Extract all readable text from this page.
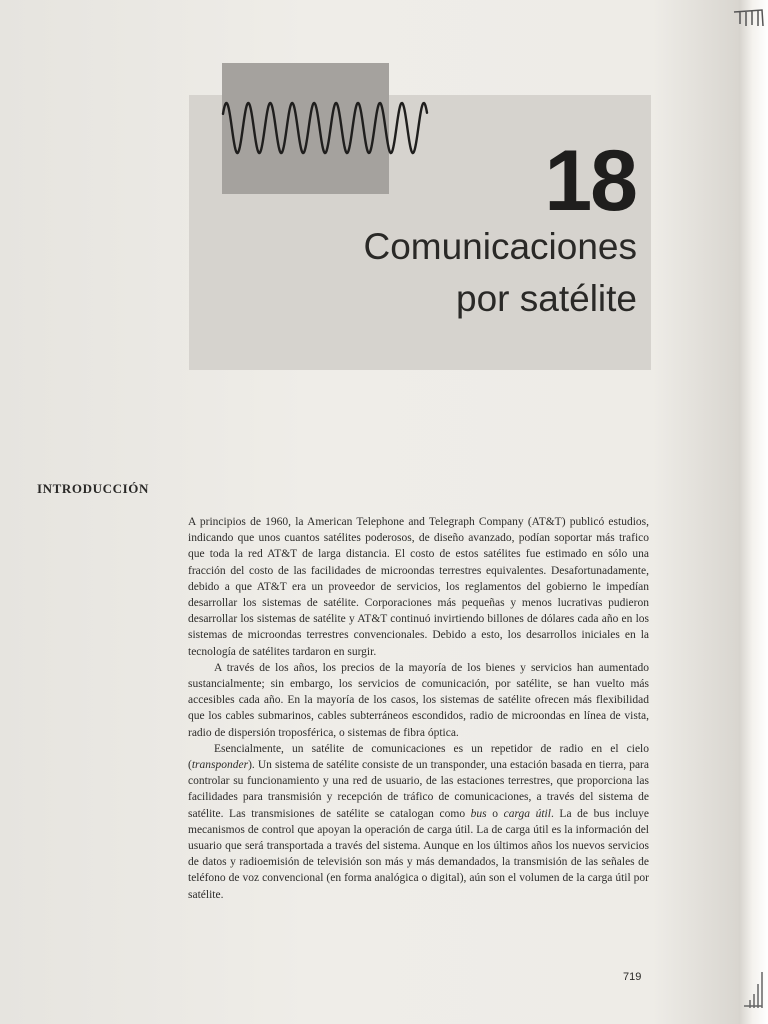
18
Comunicaciones
por satélite
INTRODUCCIÓN

A principios de 1960, la American Telephone and Telegraph Company (AT&T) publicó estudios, indicando que unos cuantos satélites poderosos, de diseño avanzado, podían soportar más trafico que toda la red AT&T de larga distancia. El costo de estos satélites fue estimado en sólo una fracción del costo de las facilidades de microondas terrestres equivalentes. Desafortunadamente, debido a que AT&T era un proveedor de servicios, los reglamentos del gobierno le impedían desarrollar los sistemas de satélite. Corporaciones más pequeñas y menos lucrativas pudieron desarrollar los sistemas de satélite y AT&T continuó invirtiendo billones de dólares cada año en los sistemas de microondas terrestres convencionales. Debido a esto, los desarrollos iniciales en la tecnología de satélites tardaron en surgir.

A través de los años, los precios de la mayoría de los bienes y servicios han aumentado sustancialmente; sin embargo, los servicios de comunicación, por satélite, se han vuelto más accesibles cada año. En la mayoría de los casos, los sistemas de satélite ofrecen más flexibilidad que los cables submarinos, cables subterráneos escondidos, radio de microondas en línea de vista, radio de dispersión troposférica, o sistemas de fibra óptica.

Esencialmente, un satélite de comunicaciones es un repetidor de radio en el cielo (transponder). Un sistema de satélite consiste de un transponder, una estación basada en tierra, para controlar su funcionamiento y una red de usuario, de las estaciones terrestres, que proporciona las facilidades para transmisión y recepción de tráfico de comunicaciones, a través del sistema de satélite. Las transmisiones de satélite se catalogan como bus o carga útil. La de bus incluye mecanismos de control que apoyan la operación de carga útil. La de carga útil es la información del usuario que será transportada a través del sistema. Aunque en los últimos años los nuevos servicios de datos y radioemisión de televisión son más y más demandados, la transmisión de las señales de teléfono de voz convencional (en forma analógica o digital), aún son el volumen de la carga útil por satélite.

719
